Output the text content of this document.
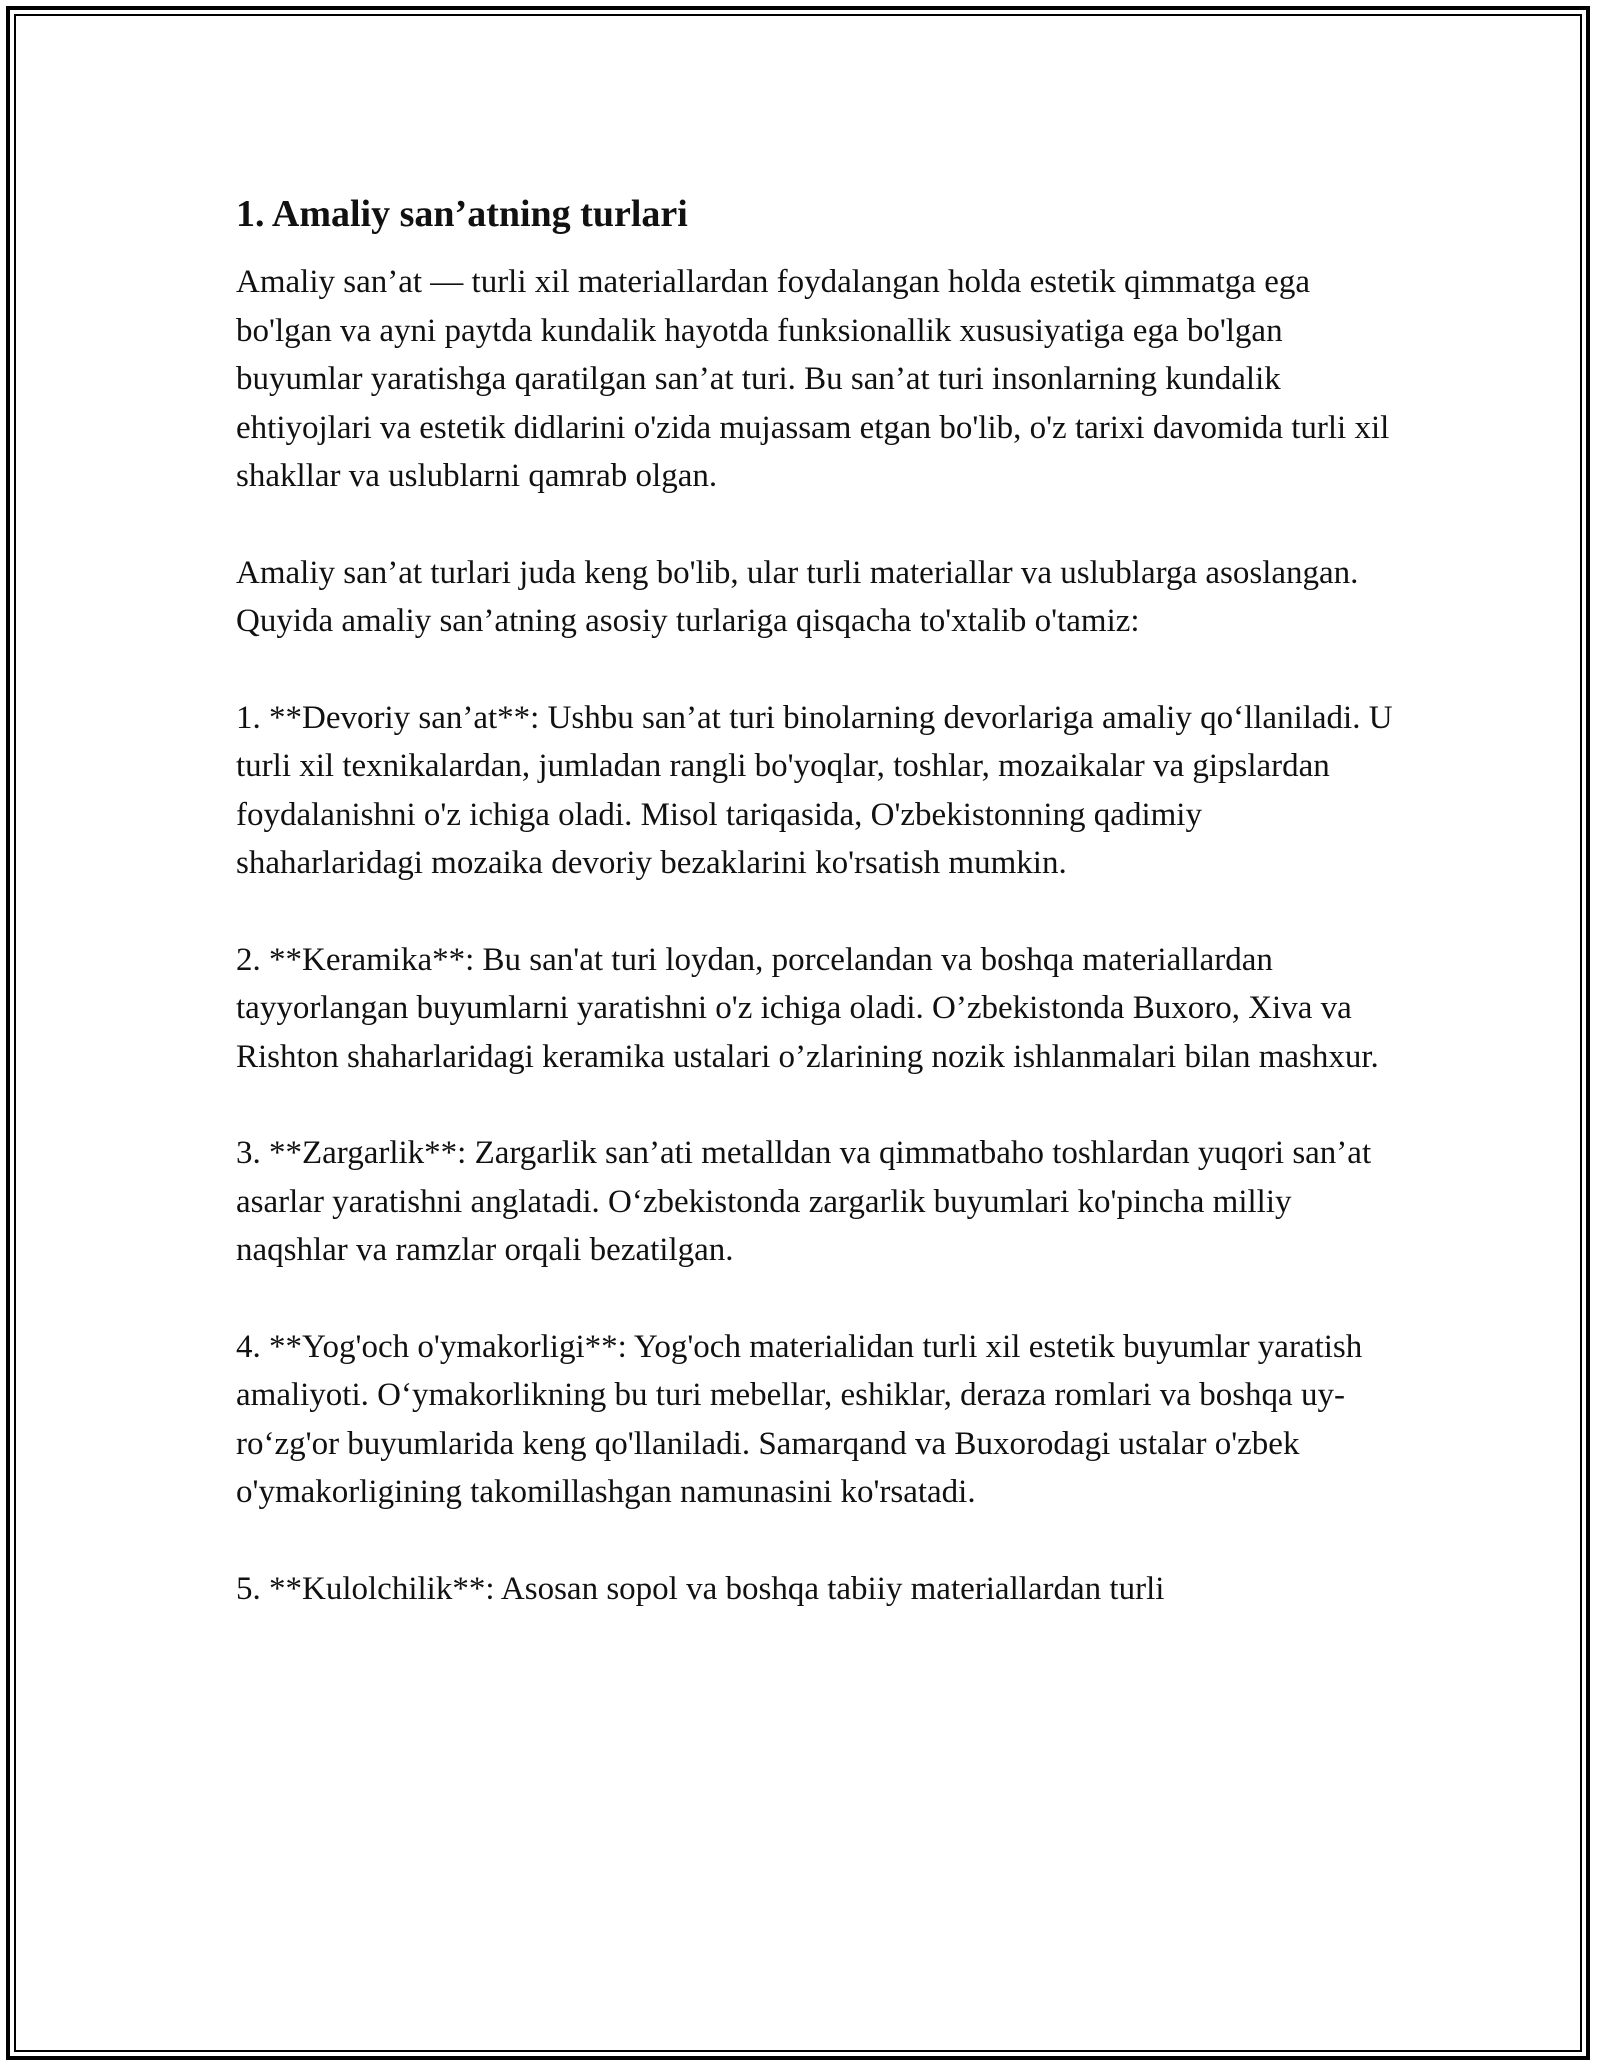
1. Amaliy san’atning turlari

Amaliy san’at — turli xil materiallardan foydalangan holda estetik qimmatga ega bo'lgan va ayni paytda kundalik hayotda funksionallik xususiyatiga ega bo'lgan buyumlar yaratishga qaratilgan san’at turi. Bu san’at turi insonlarning kundalik ehtiyojlari va estetik didlarini o'zida mujassam etgan bo'lib, o'z tarixi davomida turli xil shakllar va uslublarni qamrab olgan.

Amaliy san’at turlari juda keng bo'lib, ular turli materiallar va uslublarga asoslangan. Quyida amaliy san’atning asosiy turlariga qisqacha to'xtalib o'tamiz:

1. **Devoriy san’at**: Ushbu san’at turi binolarning devorlariga amaliy qo‘llaniladi. U turli xil texnikalardan, jumladan rangli bo'yoqlar, toshlar, mozaikalar va gipslardan foydalanishni o'z ichiga oladi. Misol tariqasida, O'zbekistonning qadimiy shaharlaridagi mozaika devoriy bezaklarini ko'rsatish mumkin.

2. **Keramika**: Bu san'at turi loydan, porcelandan va boshqa materiallardan tayyorlangan buyumlarni yaratishni o'z ichiga oladi. O’zbekistonda Buxoro, Xiva va Rishton shaharlaridagi keramika ustalari o’zlarining nozik ishlanmalari bilan mashxur.

3. **Zargarlik**: Zargarlik san’ati metalldan va qimmatbaho toshlardan yuqori san’at asarlar yaratishni anglatadi. O‘zbekistonda zargarlik buyumlari ko'pincha milliy naqshlar va ramzlar orqali bezatilgan.

4. **Yog'och o'ymakorligi**: Yog'och materialidan turli xil estetik buyumlar yaratish amaliyoti. O‘ymakorlikning bu turi mebellar, eshiklar, deraza romlari va boshqa uy-ro‘zg'or buyumlarida keng qo'llaniladi. Samarqand va Buxorodagi ustalar o'zbek o'ymakorligining takomillashgan namunasini ko'rsatadi.

5. **Kulolchilik**: Asosan sopol va boshqa tabiiy materiallardan turli
